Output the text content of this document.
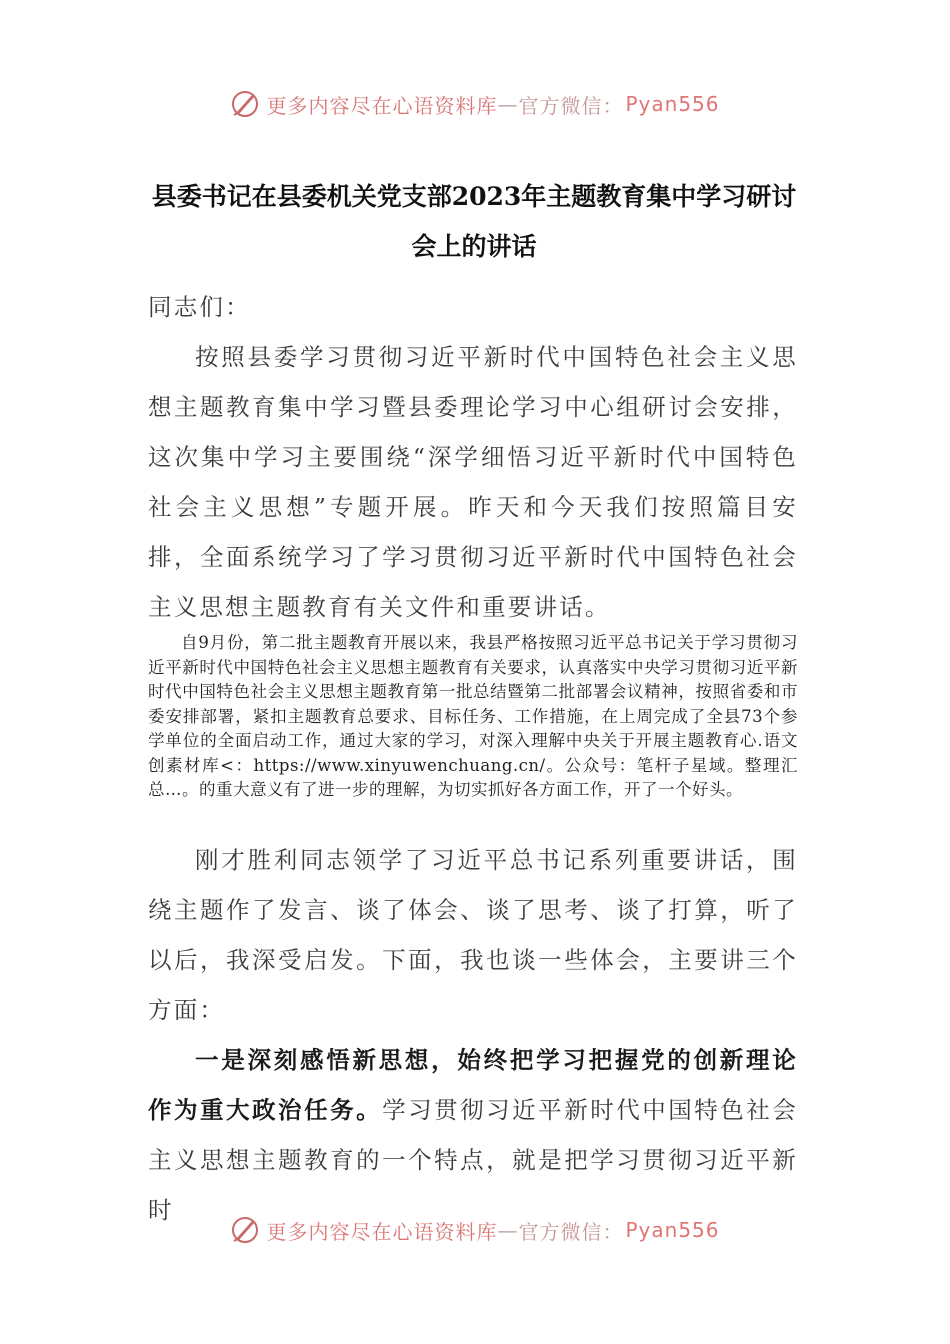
更多内容尽在心语资料库 — 官方微信： Pyan556
县委书记在县委机关党支部2023年主题教育集中学习研讨会上的讲话
同志们：
按照县委学习贯彻习近平新时代中国特色社会主义思想主题教育集中学习暨县委理论学习中心组研讨会安排，这次集中学习主要围绕“深学细悟习近平新时代中国特色社会主义思想”专题开展。昨天和今天我们按照篇目安排，全面系统学习了学习贯彻习近平新时代中国特色社会主义思想主题教育有关文件和重要讲话。
自9月份，第二批主题教育开展以来，我县严格按照习近平总书记关于学习贯彻习近平新时代中国特色社会主义思想主题教育有关要求，认真落实中央学习贯彻习近平新时代中国特色社会主义思想主题教育第一批总结暨第二批部署会议精神，按照省委和市委安排部署，紧扣主题教育总要求、目标任务、工作措施，在上周完成了全县73个参学单位的全面启动工作，通过大家的学习，对深入理解中央关于开展主题教育心.语文创素材库<：https://www.xinyuwenchuang.cn/。公众号：笔杆子星域。整理汇总…。的重大意义有了进一步的理解，为切实抓好各方面工作，开了一个好头。
刚才胜利同志领学了习近平总书记系列重要讲话，围绕主题作了发言、谈了体会、谈了思考、谈了打算，听了以后，我深受启发。下面，我也谈一些体会，主要讲三个方面：
一是深刻感悟新思想，始终把学习把握党的创新理论作为重大政治任务。学习贯彻习近平新时代中国特色社会主义思想主题教育的一个特点，就是把学习贯彻习近平新时
更多内容尽在心语资料库 — 官方微信： Pyan556
